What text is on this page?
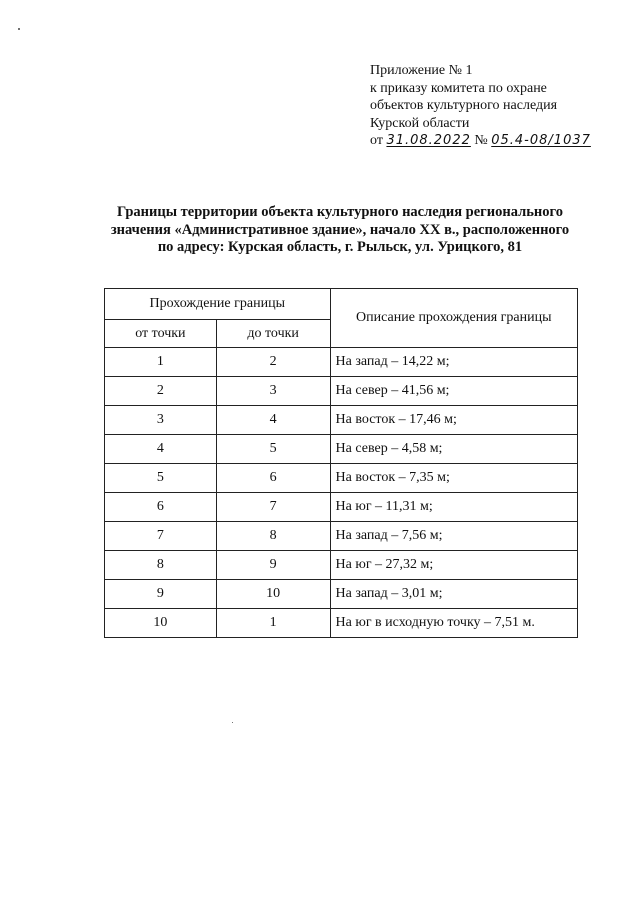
Приложение № 1
к приказу комитета по охране
объектов культурного наследия
Курской области
от 31.08.2022 № 05.4-08/1037
Границы территории объекта культурного наследия регионального
значения «Административное здание», начало XX в., расположенного
по адресу: Курская область, г. Рыльск, ул. Урицкого, 81
Прохождение границы		Описание прохождения границы
от точки	до точки	
1	2	На запад – 14,22 м;
2	3	На север – 41,56 м;
3	4	На восток – 17,46 м;
4	5	На север – 4,58 м;
5	6	На восток – 7,35 м;
6	7	На юг – 11,31 м;
7	8	На запад – 7,56 м;
8	9	На юг – 27,32 м;
9	10	На запад – 3,01 м;
10	1	На юг в исходную точку – 7,51 м.
